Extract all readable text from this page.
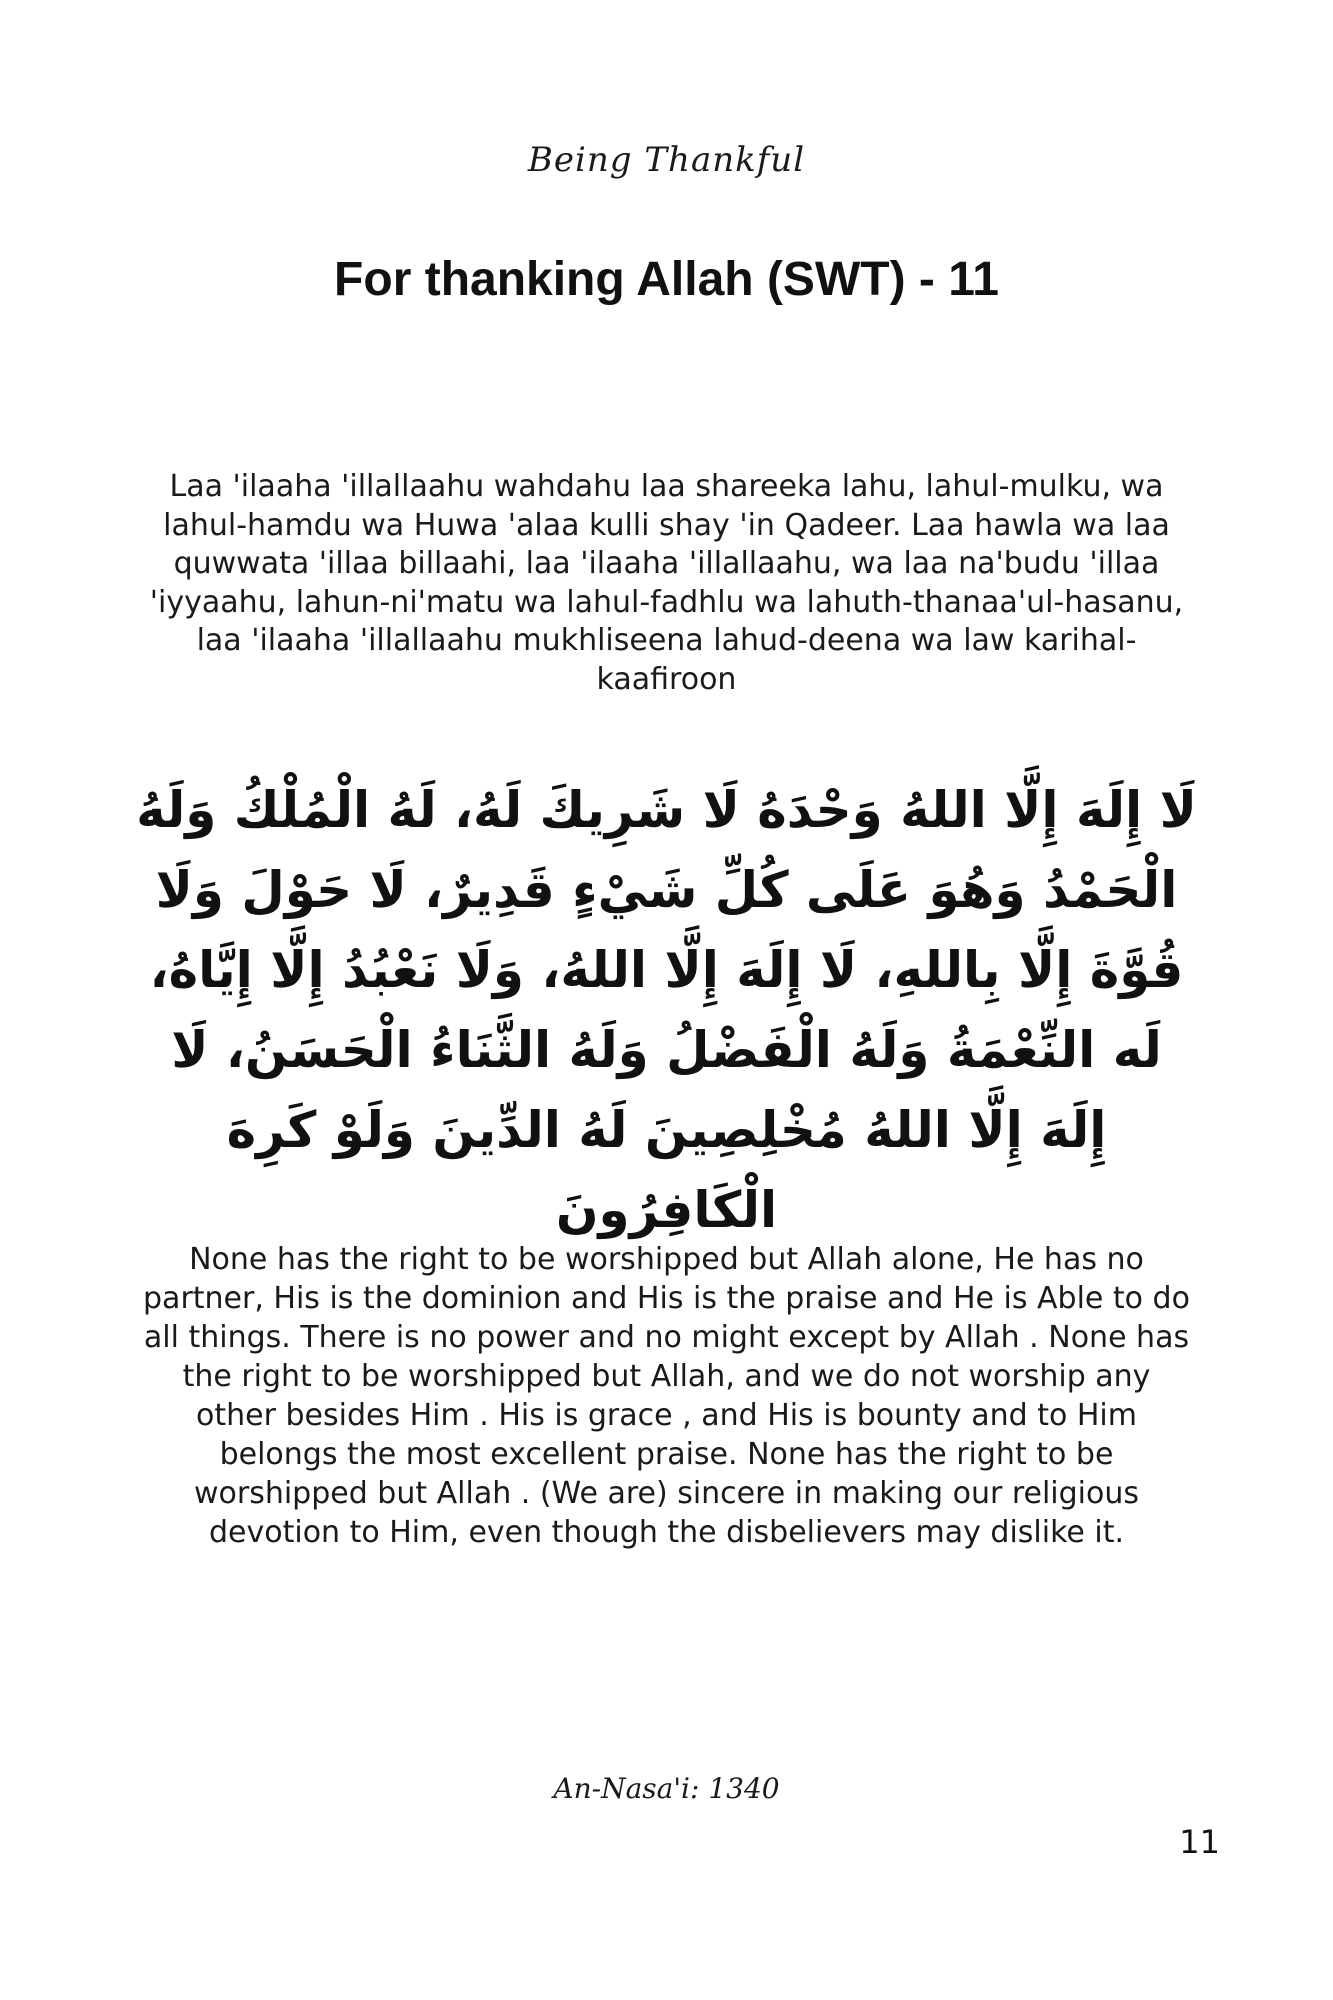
Being Thankful
For thanking Allah (SWT) - 11
Laa 'ilaaha 'illallaahu wahdahu laa shareeka lahu, lahul-mulku, wa lahul-hamdu wa Huwa 'alaa kulli shay 'in Qadeer. Laa hawla wa laa quwwata 'illaa billaahi, laa 'ilaaha 'illallaahu, wa laa na'budu 'illaa 'iyyaahu, lahun-ni'matu wa lahul-fadhlu wa lahuth-thanaa'ul-hasanu, laa 'ilaaha 'illallaahu mukhliseena lahud-deena wa law karihal-kaafiroon
لَا إِلَهَ إِلَّا اللهُ وَحْدَهُ لَا شَرِيكَ لَهُ، لَهُ الْمُلْكُ وَلَهُ الْحَمْدُ وَهُوَ عَلَى كُلِّ شَيْءٍ قَدِيرٌ، لَا حَوْلَ وَلَا قُوَّةَ إِلَّا بِاللهِ، لَا إِلَهَ إِلَّا اللهُ، وَلَا نَعْبُدُ إِلَّا إِيَّاهُ، لَه النِّعْمَةُ وَلَهُ الْفَضْلُ وَلَهُ الثَّنَاءُ الْحَسَنُ، لَا إِلَهَ إِلَّا اللهُ مُخْلِصِينَ لَهُ الدِّينَ وَلَوْ كَرِهَ الْكَافِرُونَ
None has the right to be worshipped but Allah alone, He has no partner, His is the dominion and His is the praise and He is Able to do all things. There is no power and no might except by Allah . None has the right to be worshipped but Allah, and we do not worship any other besides Him . His is grace , and His is bounty and to Him belongs the most excellent praise. None has the right to be worshipped but Allah . (We are) sincere in making our religious devotion to Him, even though the disbelievers may dislike it.
An-Nasa'i: 1340
11
